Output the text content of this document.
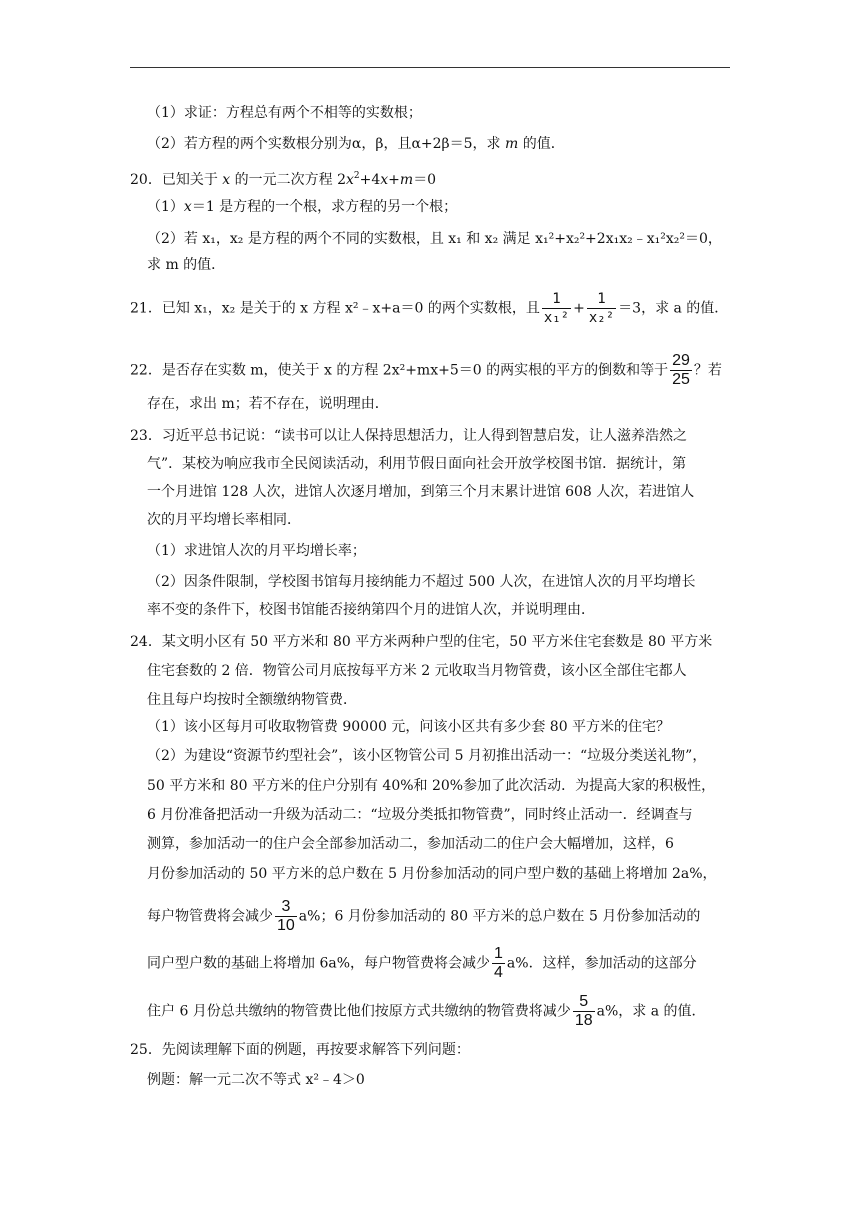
（1）求证：方程总有两个不相等的实数根；
（2）若方程的两个实数根分别为α，β，且α+2β＝5，求 m 的值．
20．已知关于 x 的一元二次方程 $2x^2+4x+m=0$
（1）x＝1 是方程的一个根，求方程的另一个根；
（2）若 x₁，x₂ 是方程的两个不同的实数根，且 x₁ 和 x₂ 满足 x₁²+x₂²+2x₁x₂﹣x₁²x₂²＝0，
求 m 的值．
21．已知 x₁，x₂ 是关于的 x 方程 x²﹣x+a＝0 的两个实数根，且 $\frac{1}{\text{x₁²}} + \frac{1}{\text{x₂²}} =3$，求 a 的值．
22．是否存在实数 m，使关于 x 的方程 2x²+mx+5＝0 的两实根的平方的倒数和等于 $\frac{29}{25}$ ？若
存在，求出 m；若不存在，说明理由．
23．习近平总书记说：“读书可以让人保持思想活力，让人得到智慧启发，让人滋养浩然之
气”．某校为响应我市全民阅读活动，利用节假日面向社会开放学校图书馆．据统计，第
一个月进馆 128 人次，进馆人次逐月增加，到第三个月末累计进馆 608 人次，若进馆人
次的月平均增长率相同．
（1）求进馆人次的月平均增长率；
（2）因条件限制，学校图书馆每月接纳能力不超过 500 人次，在进馆人次的月平均增长
率不变的条件下，校图书馆能否接纳第四个月的进馆人次，并说明理由．
24．某文明小区有 50 平方米和 80 平方米两种户型的住宅，50 平方米住宅套数是 80 平方米
住宅套数的 2 倍．物管公司月底按每平方米 2 元收取当月物管费，该小区全部住宅都人
住且每户均按时全额缴纳物管费．
（1）该小区每月可收取物管费 90000 元，问该小区共有多少套 80 平方米的住宅？
（2）为建设“资源节约型社会”，该小区物管公司 5 月初推出活动一：“垃圾分类送礼物”，
50 平方米和 80 平方米的住户分别有 40%和 20%参加了此次活动．为提高大家的积极性，
6 月份准备把活动一升级为活动二：“垃圾分类抵扣物管费”，同时终止活动一．经调查与
测算，参加活动一的住户会全部参加活动二，参加活动二的住户会大幅增加，这样，6
月份参加活动的 50 平方米的总户数在 5 月份参加活动的同户型户数的基础上将增加 2a%，
每户物管费将会减少 $\frac{3}{10} a\%$；6 月份参加活动的 80 平方米的总户数在 5 月份参加活动的
同户型户数的基础上将增加 6a%，每户物管费将会减少 $\frac{1}{4} a\%$．这样，参加活动的这部分
住户 6 月份总共缴纳的物管费比他们按原方式共缴纳的物管费将减少 $\frac{5}{18} a\%$，求 a 的值．
25．先阅读理解下面的例题，再按要求解答下列问题：
例题：解一元二次不等式 x²﹣4＞0
